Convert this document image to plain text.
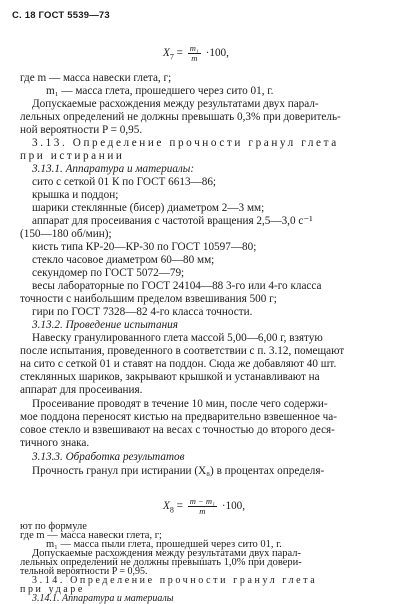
С. 18 ГОСТ 5539—73
$X_7 = \frac{\text{m₁}}{m} \cdot 100$,
где m — масса навески глета, г;
m₁ — масса глета, прошедшего через сито 01, г.
Допускаемые расхождения между результатами двух парал-
лельных определений не должны превышать 0,3% при доверитель-
ной вероятности P = 0,95.
3.13. Определение прочности гранул глета
при истирании
3.13.1. Аппаратура и материалы:
сито с сеткой 01 К по ГОСТ 6613—86;
крышка и поддон;
шарики стеклянные (бисер) диаметром 2—3 мм;
аппарат для просеивания с частотой вращения 2,5—3,0 с⁻¹
(150—180 об/мин);
кисть типа КР-20—КР-30 по ГОСТ 10597—80;
стекло часовое диаметром 60—80 мм;
секундомер по ГОСТ 5072—79;
весы лабораторные по ГОСТ 24104—88 3-го или 4-го класса
точности с наибольшим пределом взвешивания 500 г;
гири по ГОСТ 7328—82 4-го класса точности.
3.13.2. Проведение испытания
Навеску гранулированного глета массой 5,00—6,00 г, взятую
после испытания, проведенного в соответствии с п. 3.12, помещают
на сито с сеткой 01 и ставят на поддон. Сюда же добавляют 40 шт.
стеклянных шариков, закрывают крышкой и устанавливают на
аппарат для просеивания.
Просеивание проводят в течение 10 мин, после чего содержи-
мое поддона переносят кистью на предварительно взвешенное ча-
совое стекло и взвешивают на весах с точностью до второго деся-
тичного знака.
3.13.3. Обработка результатов
Прочность гранул при истирании (X₈) в процентах определя-
ют по формуле
$X_8 = \frac{\text{m − m₁}}{m} \cdot 100$,
где m — масса навески глета, г;
m₁ — масса пыли глета, прошедшей через сито 01, г.
Допускаемые расхождения между результатами двух парал-
лельных определений не должны превышать 1,0% при довери-
тельной вероятности P = 0,95.
3.14. Определение прочности гранул глета
при ударе
3.14.1. Аппаратура и материалы
